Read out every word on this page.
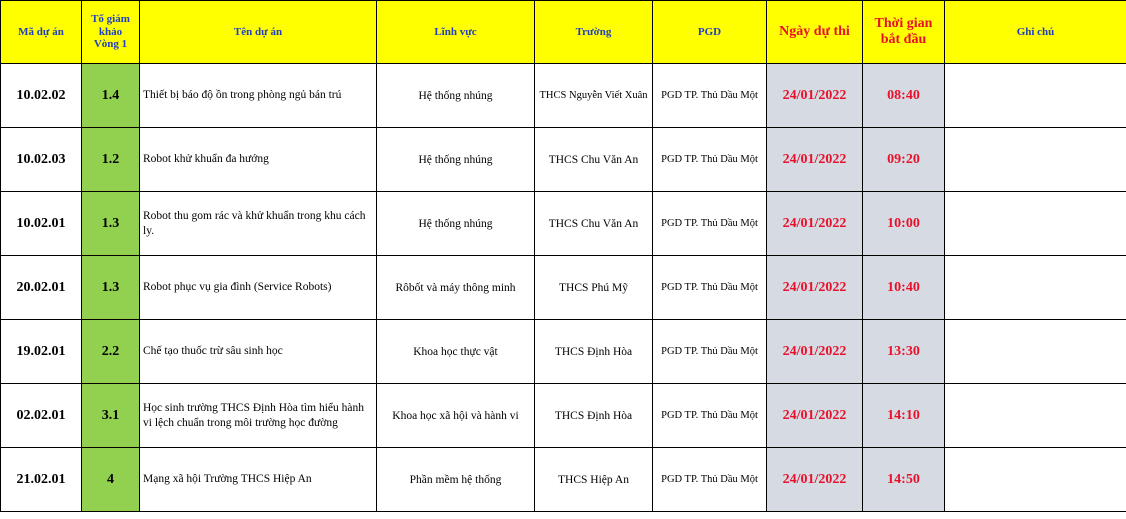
Mã dự án	Tổ giám khảo Vòng 1	Tên dự án	Lĩnh vực	Trường	PGD	Ngày dự thi	Thời gian bắt đầu	Ghi chú
10.02.02	1.4	Thiết bị báo độ ồn trong phòng ngủ bán trú	Hệ thống nhúng	THCS Nguyễn Viết Xuân	PGD TP. Thủ Dầu Một	24/01/2022	08:40	
10.02.03	1.2	Robot khử khuẩn đa hướng	Hệ thống nhúng	THCS Chu Văn An	PGD TP. Thủ Dầu Một	24/01/2022	09:20	
10.02.01	1.3	Robot thu gom rác và khử khuẩn trong khu cách ly.	Hệ thống nhúng	THCS Chu Văn An	PGD TP. Thủ Dầu Một	24/01/2022	10:00	
20.02.01	1.3	Robot phục vụ gia đình (Service Robots)	Rôbốt và máy thông minh	THCS Phú Mỹ	PGD TP. Thủ Dầu Một	24/01/2022	10:40	
19.02.01	2.2	Chế tạo thuốc trừ sâu sinh học	Khoa học thực vật	THCS Định Hòa	PGD TP. Thủ Dầu Một	24/01/2022	13:30	
02.02.01	3.1	Học sinh trường THCS Định Hòa tìm hiểu hành vi lệch chuẩn trong môi trường học đường	Khoa học xã hội và hành vi	THCS Định Hòa	PGD TP. Thủ Dầu Một	24/01/2022	14:10	
21.02.01	4	Mạng xã hội Trường THCS Hiệp An	Phần mềm hệ thống	THCS Hiệp An	PGD TP. Thủ Dầu Một	24/01/2022	14:50	
